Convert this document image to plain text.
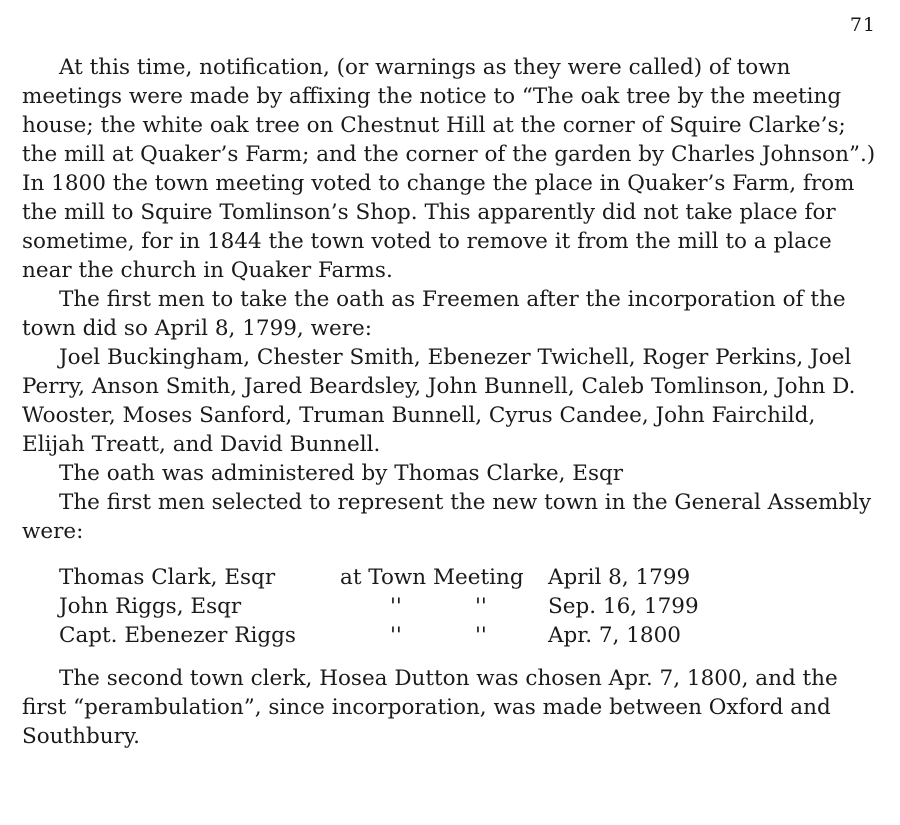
71

At this time, notification, (or warnings as they were called) of town meetings were made by affixing the notice to “The oak tree by the meeting house; the white oak tree on Chestnut Hill at the corner of Squire Clarke’s; the mill at Quaker’s Farm; and the corner of the garden by Charles Johnson”.) In 1800 the town meeting voted to change the place in Quaker’s Farm, from the mill to Squire Tomlinson’s Shop. This apparently did not take place for sometime, for in 1844 the town voted to remove it from the mill to a place near the church in Quaker Farms.

The first men to take the oath as Freemen after the incorporation of the town did so April 8, 1799, were:

Joel Buckingham, Chester Smith, Ebenezer Twichell, Roger Perkins, Joel Perry, Anson Smith, Jared Beardsley, John Bunnell, Caleb Tomlinson, John D. Wooster, Moses Sanford, Truman Bunnell, Cyrus Candee, John Fairchild, Elijah Treatt, and David Bunnell.

The oath was administered by Thomas Clarke, Esqr

The first men selected to represent the new town in the General Assembly were:

Thomas Clark, Esqr	at Town Meeting	April 8, 1799
John Riggs, Esqr	''	''	Sep. 16, 1799
Capt. Ebenezer Riggs	''	''	Apr. 7, 1800

The second town clerk, Hosea Dutton was chosen Apr. 7, 1800, and the first “perambulation”, since incorporation, was made between Oxford and Southbury.
